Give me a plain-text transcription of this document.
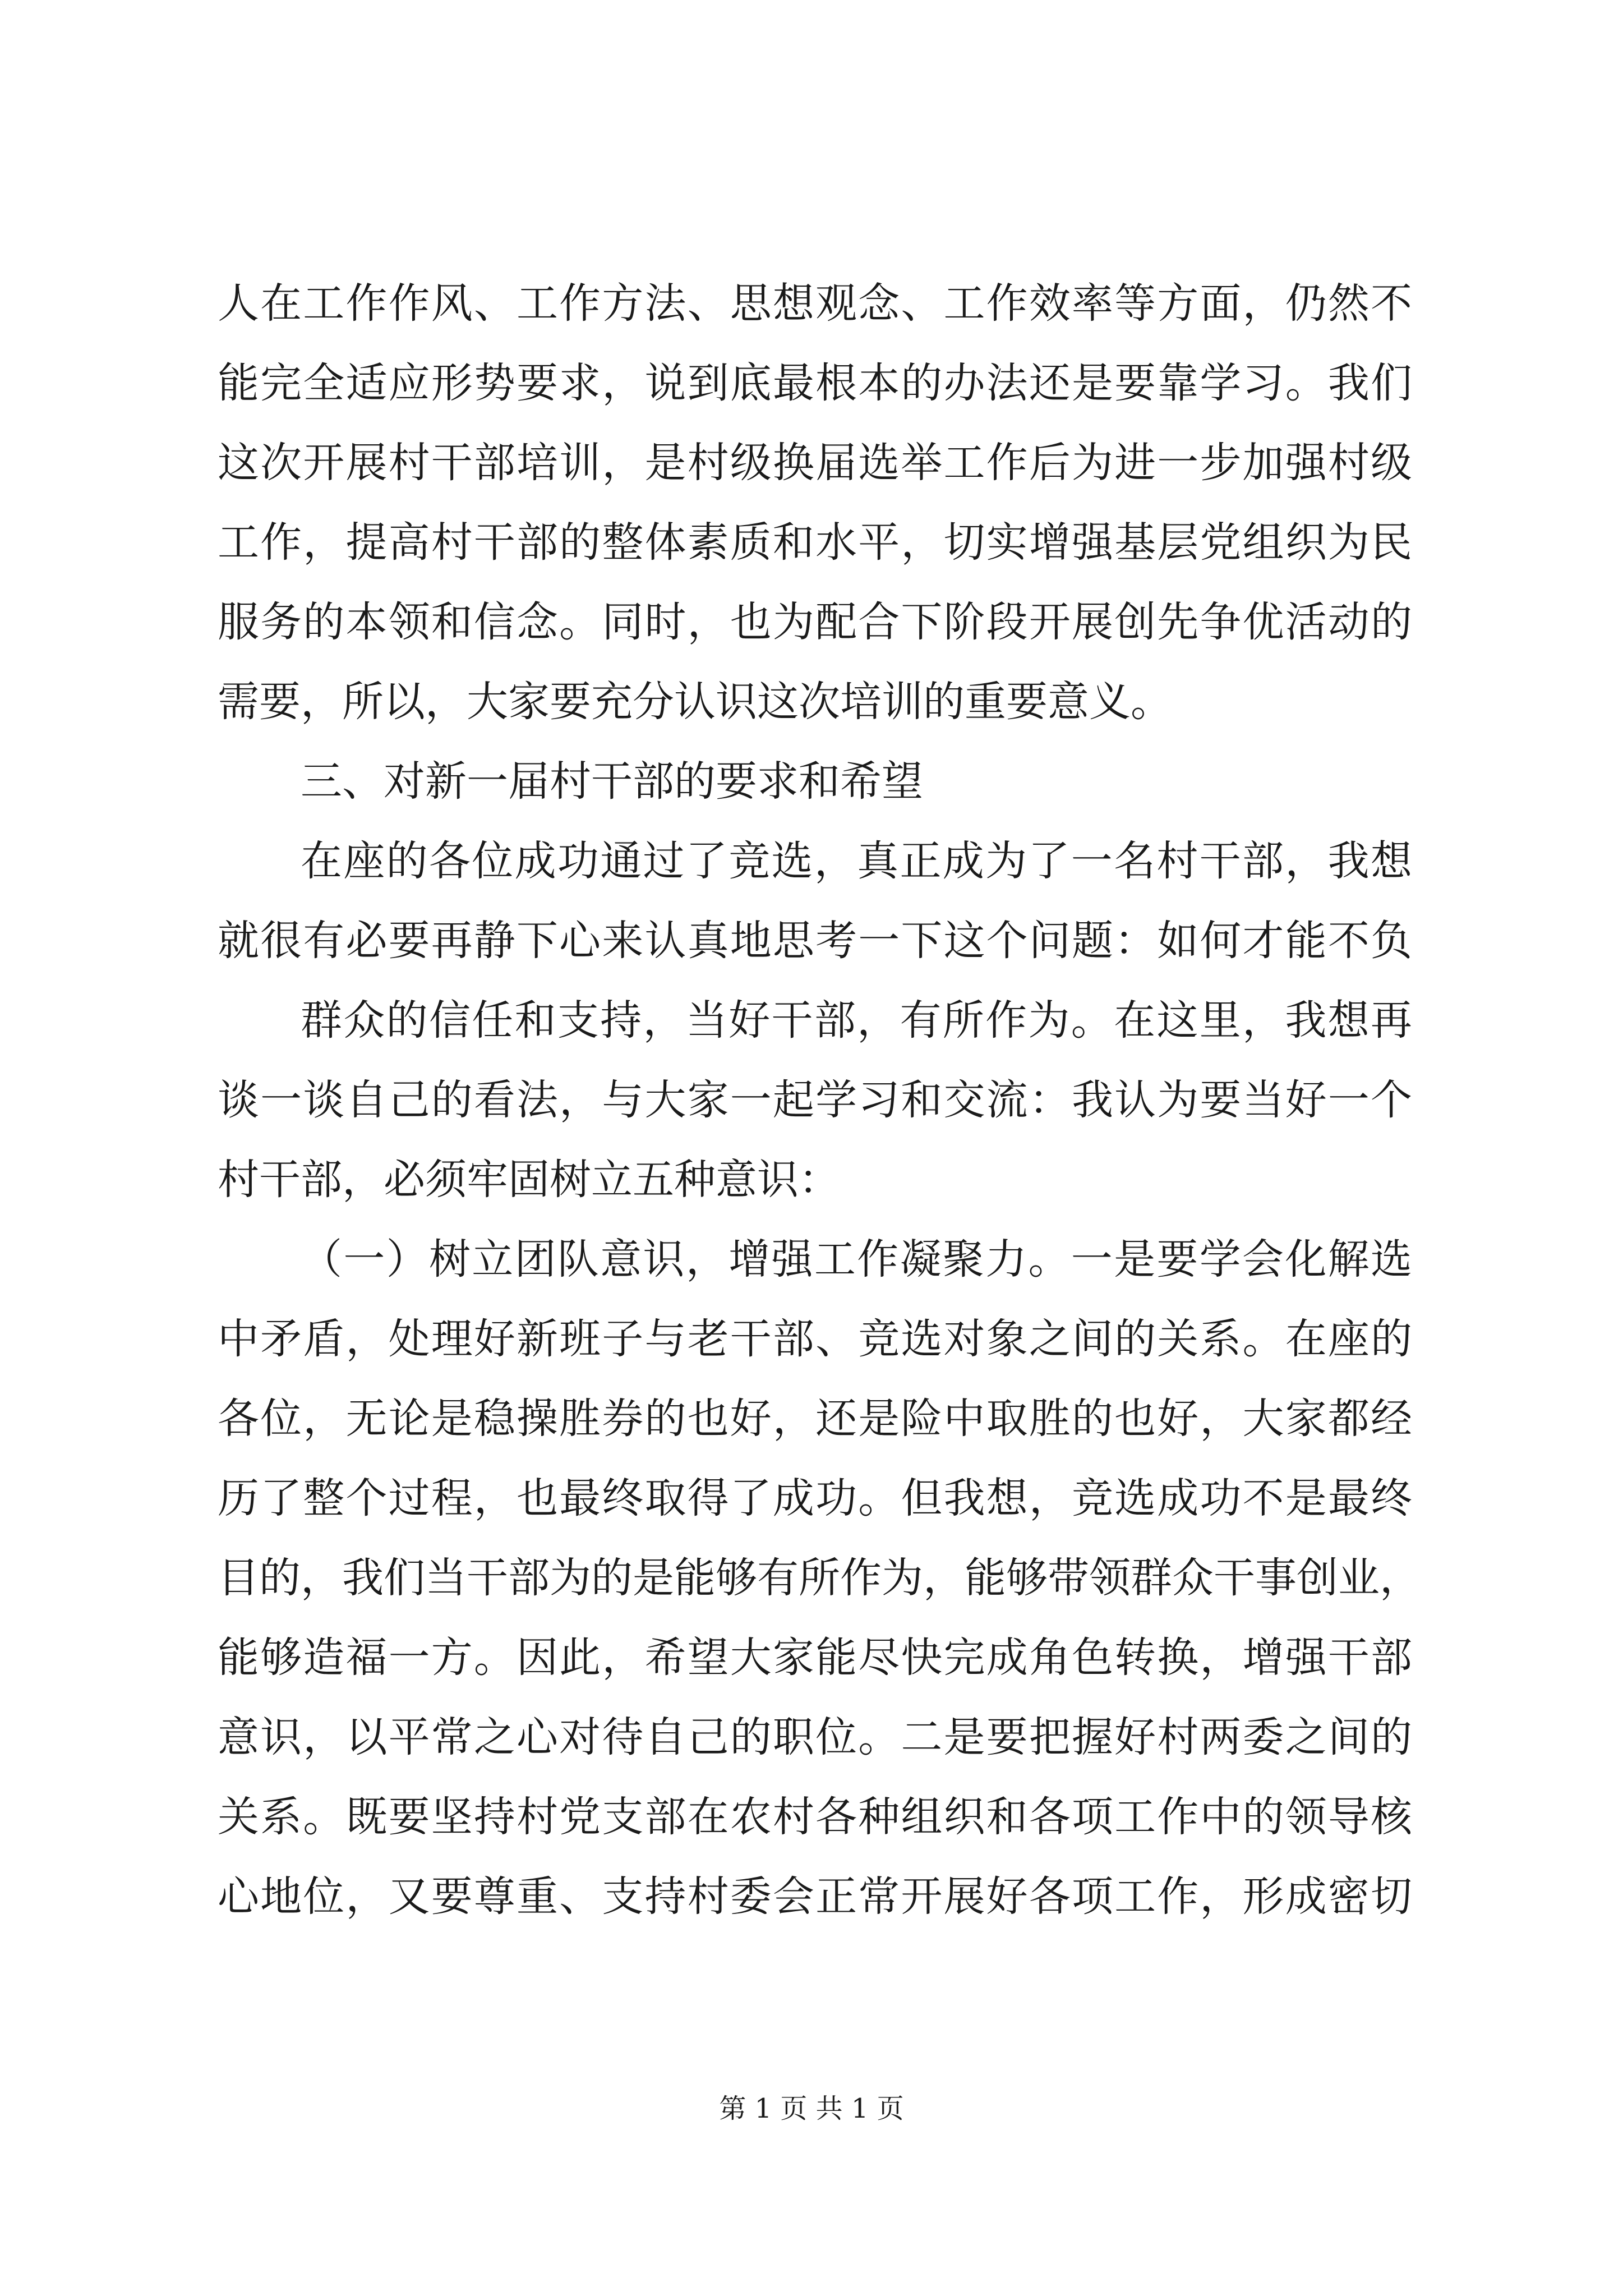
人在工作作风、工作方法、思想观念、工作效率等方面，仍然不
能完全适应形势要求，说到底最根本的办法还是要靠学习。我们
这次开展村干部培训，是村级换届选举工作后为进一步加强村级
工作，提高村干部的整体素质和水平，切实增强基层党组织为民
服务的本领和信念。同时，也为配合下阶段开展创先争优活动的
需要，所以，大家要充分认识这次培训的重要意义。
三、对新一届村干部的要求和希望
在座的各位成功通过了竞选，真正成为了一名村干部，我想
就很有必要再静下心来认真地思考一下这个问题：如何才能不负
群众的信任和支持，当好干部，有所作为。在这里，我想再
谈一谈自己的看法，与大家一起学习和交流：我认为要当好一个
村干部，必须牢固树立五种意识：
（一）树立团队意识，增强工作凝聚力。一是要学会化解选
中矛盾，处理好新班子与老干部、竞选对象之间的关系。在座的
各位，无论是稳操胜券的也好，还是险中取胜的也好，大家都经
历了整个过程，也最终取得了成功。但我想，竞选成功不是最终
目的，我们当干部为的是能够有所作为，能够带领群众干事创业，
能够造福一方。因此，希望大家能尽快完成角色转换，增强干部
意识，以平常之心对待自己的职位。二是要把握好村两委之间的
关系。既要坚持村党支部在农村各种组织和各项工作中的领导核
心地位，又要尊重、支持村委会正常开展好各项工作，形成密切
第 1 页 共 1 页
